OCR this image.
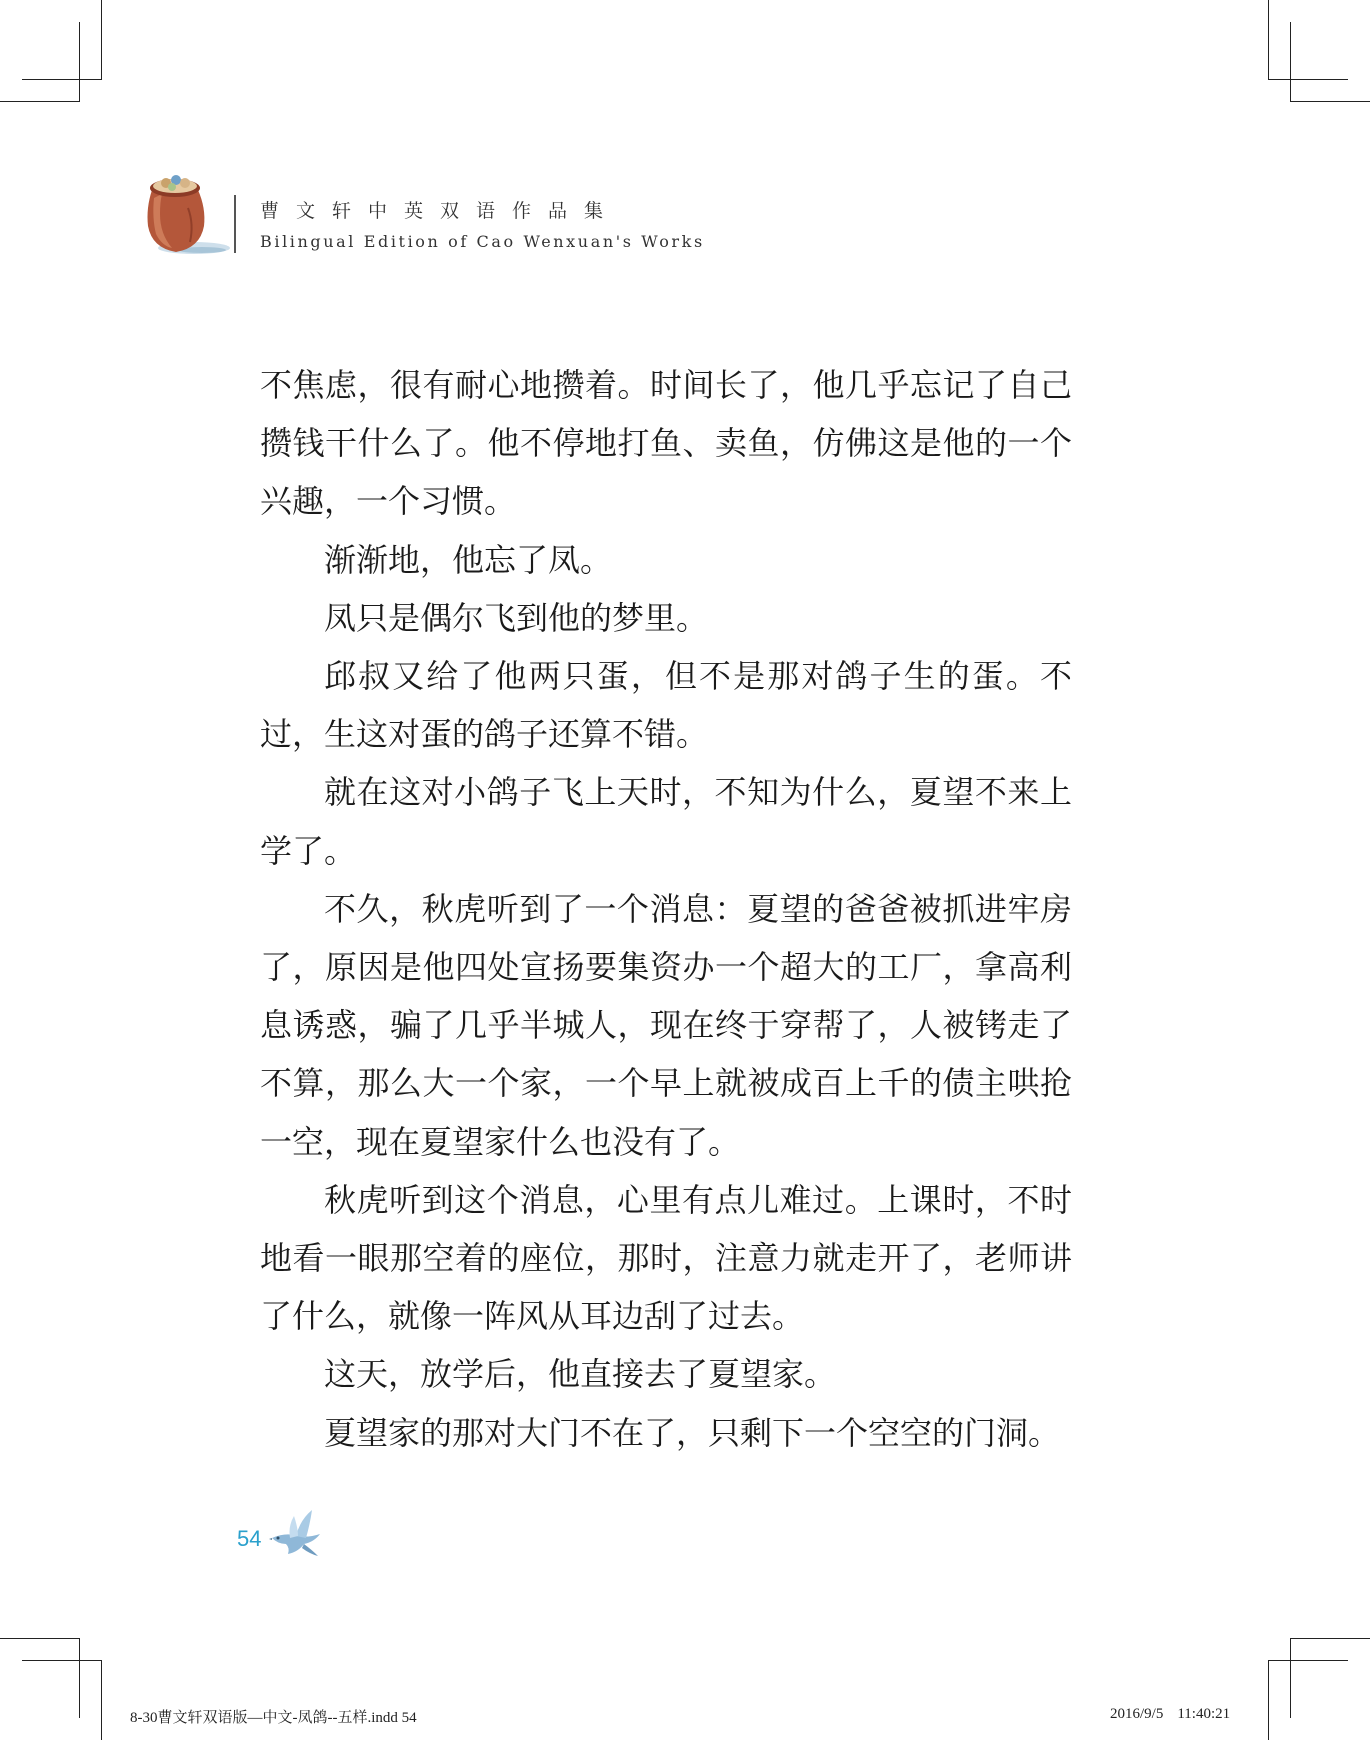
曹文轩中英双语作品集
Bilingual Edition of Cao Wenxuan's Works

不焦虑，很有耐心地攒着。时间长了，他几乎忘记了自己攒钱干什么了。他不停地打鱼、卖鱼，仿佛这是他的一个兴趣，一个习惯。

渐渐地，他忘了凤。

凤只是偶尔飞到他的梦里。

邱叔又给了他两只蛋，但不是那对鸽子生的蛋。不过，生这对蛋的鸽子还算不错。

就在这对小鸽子飞上天时，不知为什么，夏望不来上学了。

不久，秋虎听到了一个消息：夏望的爸爸被抓进牢房了，原因是他四处宣扬要集资办一个超大的工厂，拿高利息诱惑，骗了几乎半城人，现在终于穿帮了，人被铐走了不算，那么大一个家，一个早上就被成百上千的债主哄抢一空，现在夏望家什么也没有了。

秋虎听到这个消息，心里有点儿难过。上课时，不时地看一眼那空着的座位，那时，注意力就走开了，老师讲了什么，就像一阵风从耳边刮了过去。

这天，放学后，他直接去了夏望家。

夏望家的那对大门不在了，只剩下一个空空的门洞。

54
8-30曹文轩双语版—中文-凤鸽--五样.indd 54	2016/9/5 11:40:21
